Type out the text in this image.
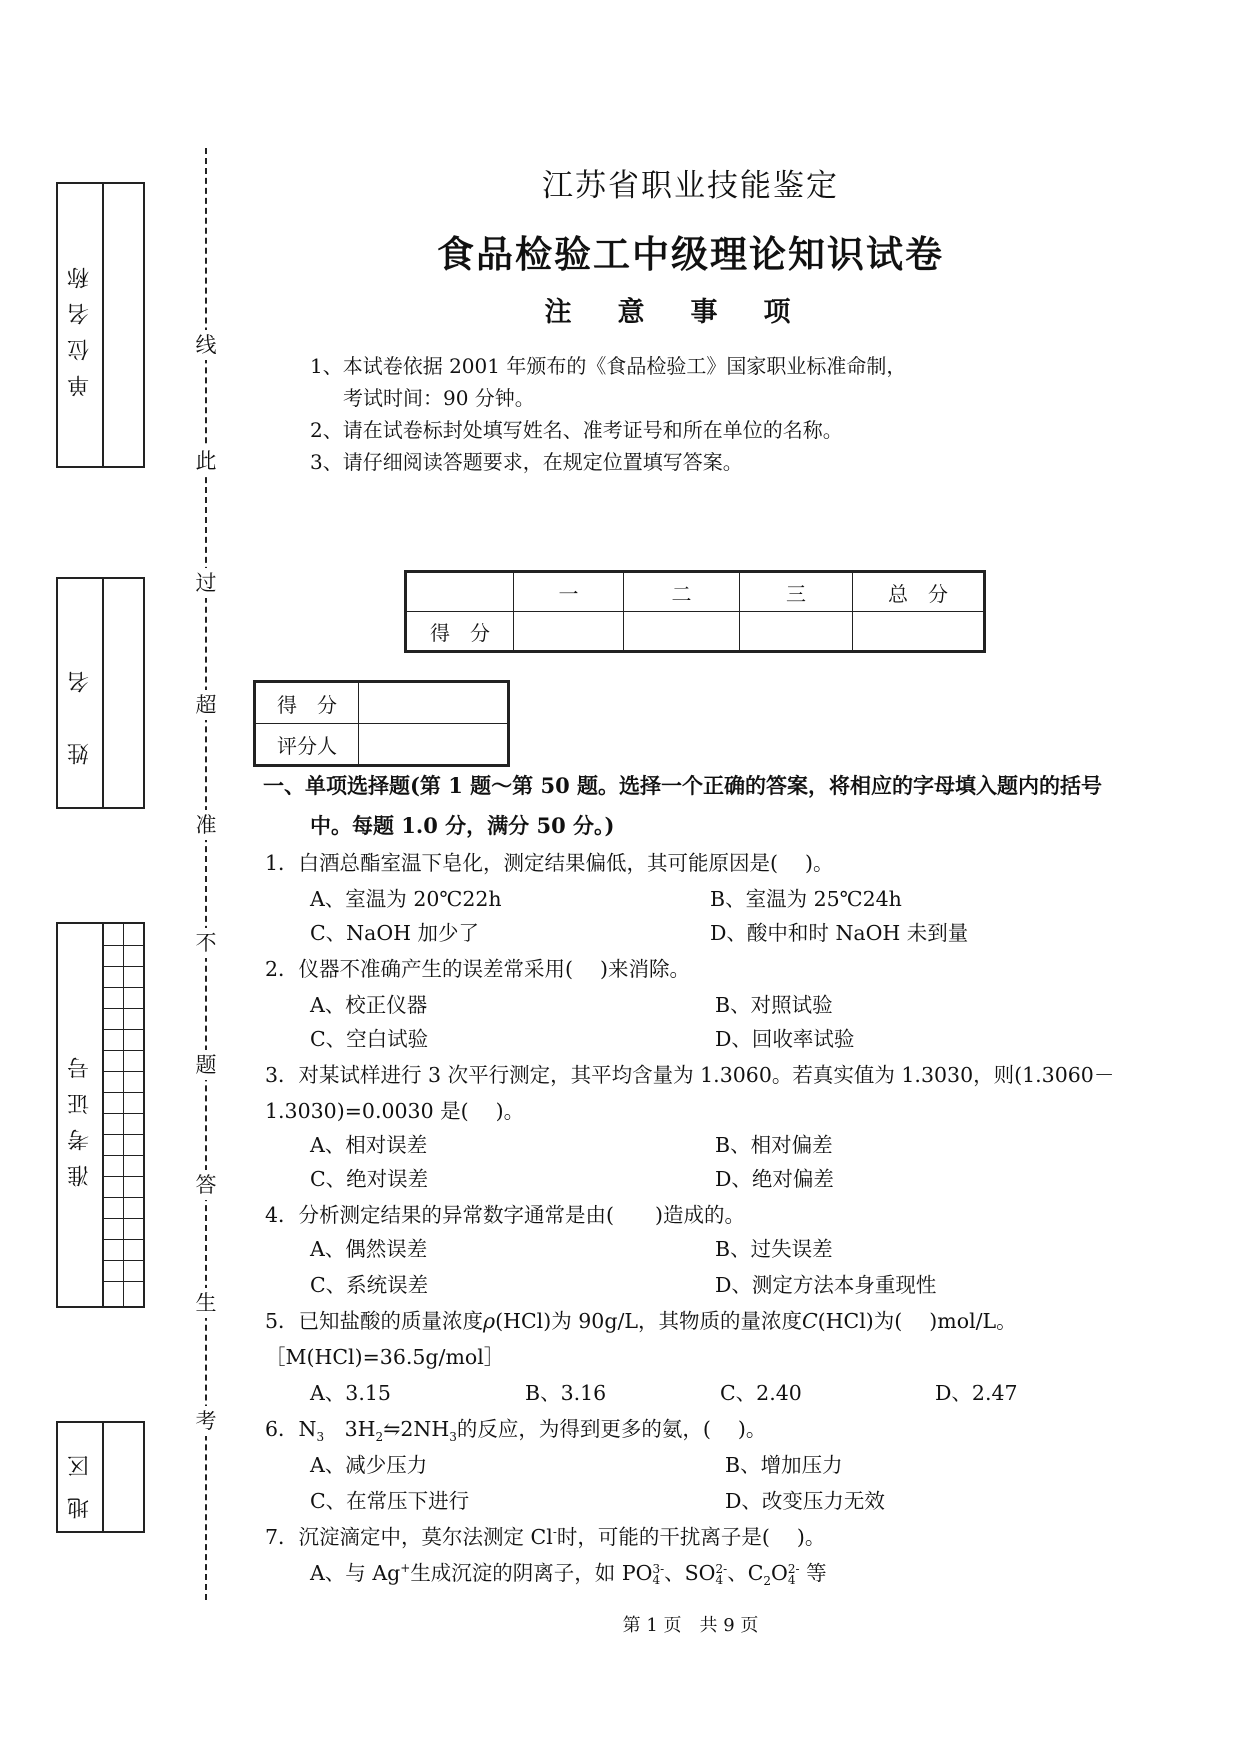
单位名称
姓名
准考证号
地区
线
此
过
超
准
不
题
答
生
考
江苏省职业技能鉴定
食品检验工中级理论知识试卷
注意事项
1、本试卷依据 2001 年颁布的《食品检验工》国家职业标准命制，
考试时间：90 分钟。
2、请在试卷标封处填写姓名、准考证号和所在单位的名称。
3、请仔细阅读答题要求，在规定位置填写答案。
	一	二	三	总　分
得　分				
得　分	
评分人	
一、单项选择题(第 1 题～第 50 题。选择一个正确的答案，将相应的字母填入题内的括号
中。每题 1.0 分，满分 50 分。)
1．白酒总酯室温下皂化，测定结果偏低，其可能原因是(　 )。
A、室温为 20℃22h	B、室温为 25℃24h
C、NaOH 加少了	D、酸中和时 NaOH 未到量
2．仪器不准确产生的误差常采用(　 )来消除。
A、校正仪器	B、对照试验
C、空白试验	D、回收率试验
3．对某试样进行 3 次平行测定，其平均含量为 1.3060。若真实值为 1.3030，则(1.3060－
1.3030)=0.0030 是(　 )。
A、相对误差	B、相对偏差
C、绝对误差	D、绝对偏差
4．分析测定结果的异常数字通常是由(　　)造成的。
A、偶然误差	B、过失误差
C、系统误差	D、测定方法本身重现性
5．已知盐酸的质量浓度ρ(HCl)为 90g/L，其物质的量浓度C(HCl)为(　 )mol/L。
［M(HCl)=36.5g/mol］
A、3.15	B、3.16	C、2.40	D、2.47
6．$N_3$　$3H_2⇋2NH_3$的反应，为得到更多的氨，(　 )。
A、减少压力	B、增加压力
C、在常压下进行	D、改变压力无效
7．沉淀滴定中，莫尔法测定 Cl-时，可能的干扰离子是(　 )。
A、与 Ag+生成沉淀的阴离子，如 PO 3-
4 、SO 2-
4 、$C_2O$ 2-
4 等
第 1 页　共 9 页
